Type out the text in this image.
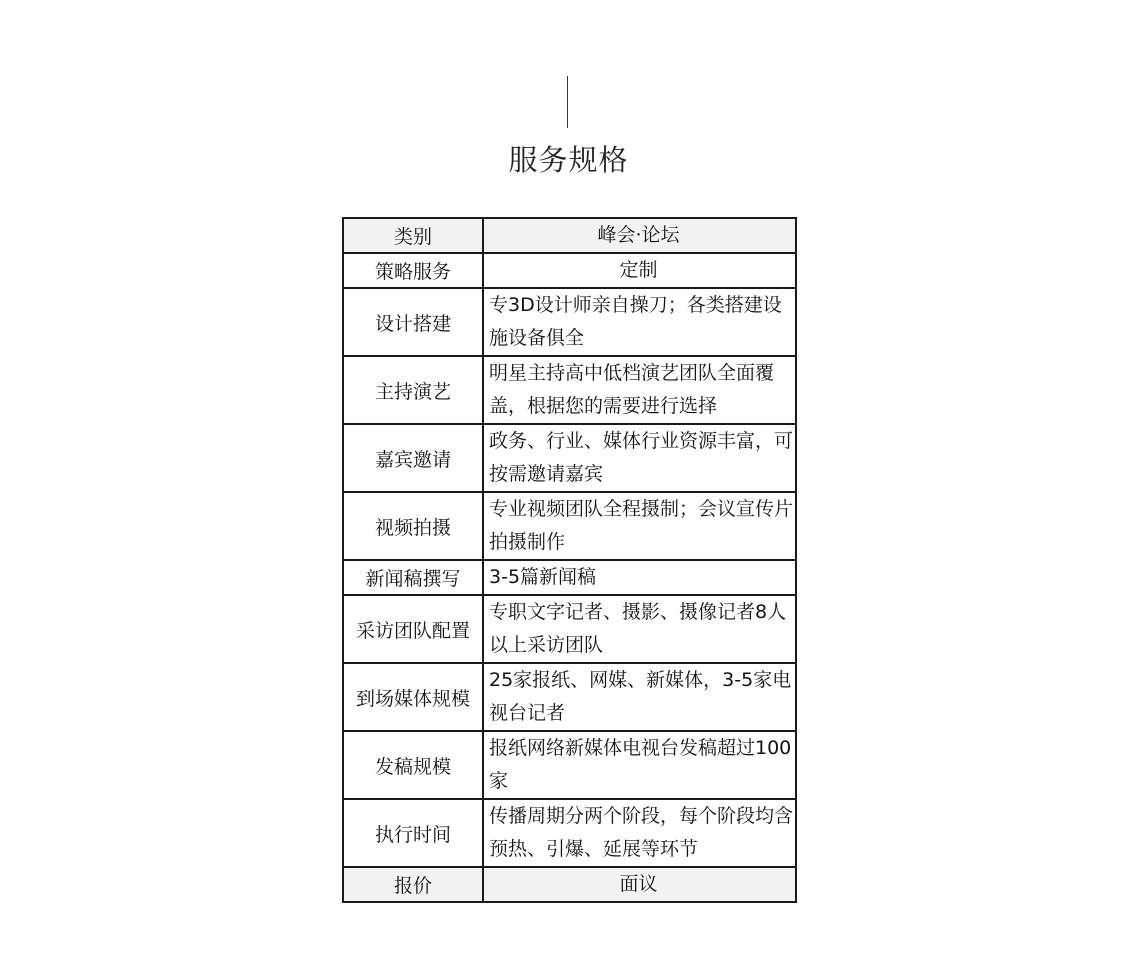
服务规格
类别	峰会·论坛
策略服务	定制
设计搭建	专3D设计师亲自操刀；各类搭建设施设备俱全
主持演艺	明星主持高中低档演艺团队全面覆盖，根据您的需要进行选择
嘉宾邀请	政务、行业、媒体行业资源丰富，可按需邀请嘉宾
视频拍摄	专业视频团队全程摄制；会议宣传片拍摄制作
新闻稿撰写	3-5篇新闻稿
采访团队配置	专职文字记者、摄影、摄像记者8人以上采访团队
到场媒体规模	25家报纸、网媒、新媒体，3-5家电视台记者
发稿规模	报纸网络新媒体电视台发稿超过100家
执行时间	传播周期分两个阶段，每个阶段均含预热、引爆、延展等环节
报价	面议
